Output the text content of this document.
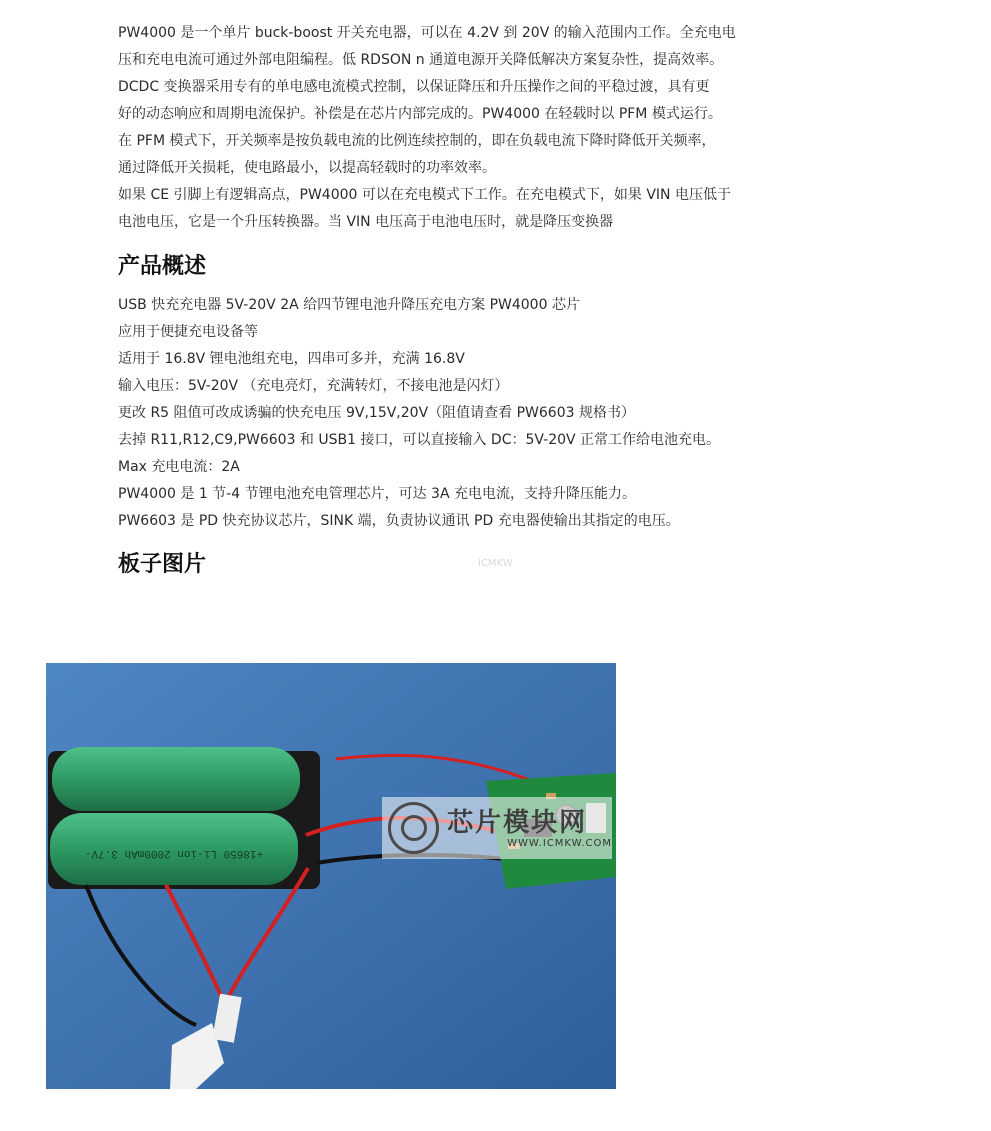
PW4000 是一个单片 buck-boost 开关充电器，可以在 4.2V 到 20V 的输入范围内工作。全充电电

压和充电电流可通过外部电阻编程。低 RDSON n 通道电源开关降低解决方案复杂性，提高效率。

DCDC 变换器采用专有的单电感电流模式控制，以保证降压和升压操作之间的平稳过渡，具有更

好的动态响应和周期电流保护。补偿是在芯片内部完成的。PW4000 在轻载时以 PFM 模式运行。

在 PFM 模式下，开关频率是按负载电流的比例连续控制的，即在负载电流下降时降低开关频率，

通过降低开关损耗，使电路最小，以提高轻载时的功率效率。

如果 CE 引脚上有逻辑高点，PW4000 可以在充电模式下工作。在充电模式下，如果 VIN 电压低于

电池电压，它是一个升压转换器。当 VIN 电压高于电池电压时，就是降压变换器

产品概述
USB 快充充电器 5V-20V 2A 给四节锂电池升降压充电方案 PW4000 芯片
应用于便捷充电设备等
适用于 16.8V 锂电池组充电，四串可多并，充满 16.8V
输入电压：5V-20V （充电亮灯，充满转灯，不接电池是闪灯）
更改 R5 阻值可改成诱骗的快充电压 9V,15V,20V（阻值请查看 PW6603 规格书）
去掉 R11,R12,C9,PW6603 和 USB1 接口，可以直接输入 DC：5V-20V 正常工作给电池充电。
Max 充电电流：2A
PW4000 是 1 节-4 节锂电池充电管理芯片，可达 3A 充电电流，支持升降压能力。
PW6603 是 PD 快充协议芯片，SINK 端，负责协议通讯 PD 充电器使输出其指定的电压。
板子图片	ICMKW
+18650 Li-ion 2000mAh 3.7V-
芯片模块网
WWW.ICMKW.COM
